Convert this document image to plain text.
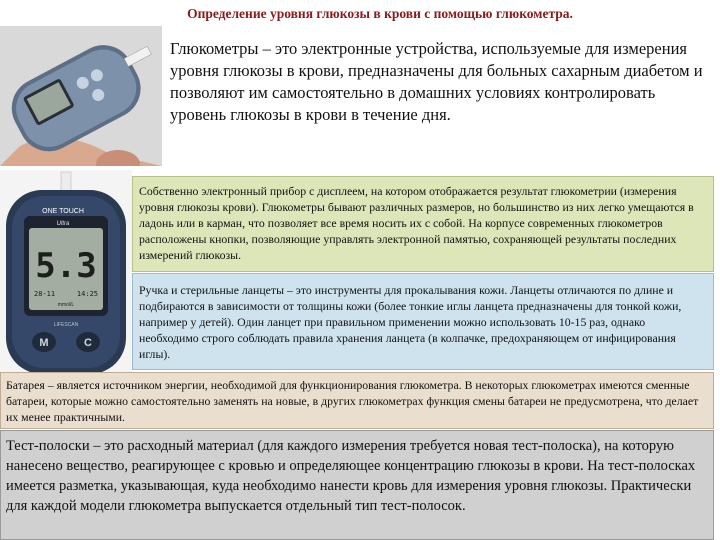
Определение уровня глюкозы в крови с помощью глюкометра.
Глюкометры – это электронные устройства, используемые для измерения уровня глюкозы в крови, предназначены для больных сахарным диабетом и позволяют им самостоятельно в домашних условиях контролировать уровень глюкозы в крови в течение дня.
ONE TOUCH
Ultra
5.3
28-11	14:25
mmol/L
LIFESCAN
M	C
Собственно электронный прибор с дисплеем, на котором отображается результат глюкометрии (измерения уровня глюкозы крови). Глюкометры бывают различных размеров, но большинство из них легко умещаются в ладонь или в карман, что позволяет все время носить их с собой. На корпусе современных глюкометров расположены кнопки, позволяющие управлять электронной памятью, сохраняющей результаты последних измерений глюкозы.
Ручка и стерильные ланцеты – это инструменты для прокалывания кожи. Ланцеты отличаются по длине и подбираются в зависимости от толщины кожи (более тонкие иглы ланцета предназначены для тонкой кожи, например у детей). Один ланцет при правильном применении можно использовать 10-15 раз, однако необходимо строго соблюдать правила хранения ланцета (в колпачке, предохраняющем от инфицирования иглы).
Батарея – является источником энергии, необходимой для функционирования глюкометра. В некоторых глюкометрах имеются сменные батареи, которые можно самостоятельно заменять на новые, в других глюкометрах функция смены батареи не предусмотрена, что делает их менее практичными.
Тест-полоски – это расходный материал (для каждого измерения требуется новая тест-полоска), на которую нанесено вещество, реагирующее с кровью и определяющее концентрацию глюкозы в крови. На тест-полосках имеется разметка, указывающая, куда необходимо нанести кровь для измерения уровня глюкозы. Практически для каждой модели глюкометра выпускается отдельный тип тест-полосок.
